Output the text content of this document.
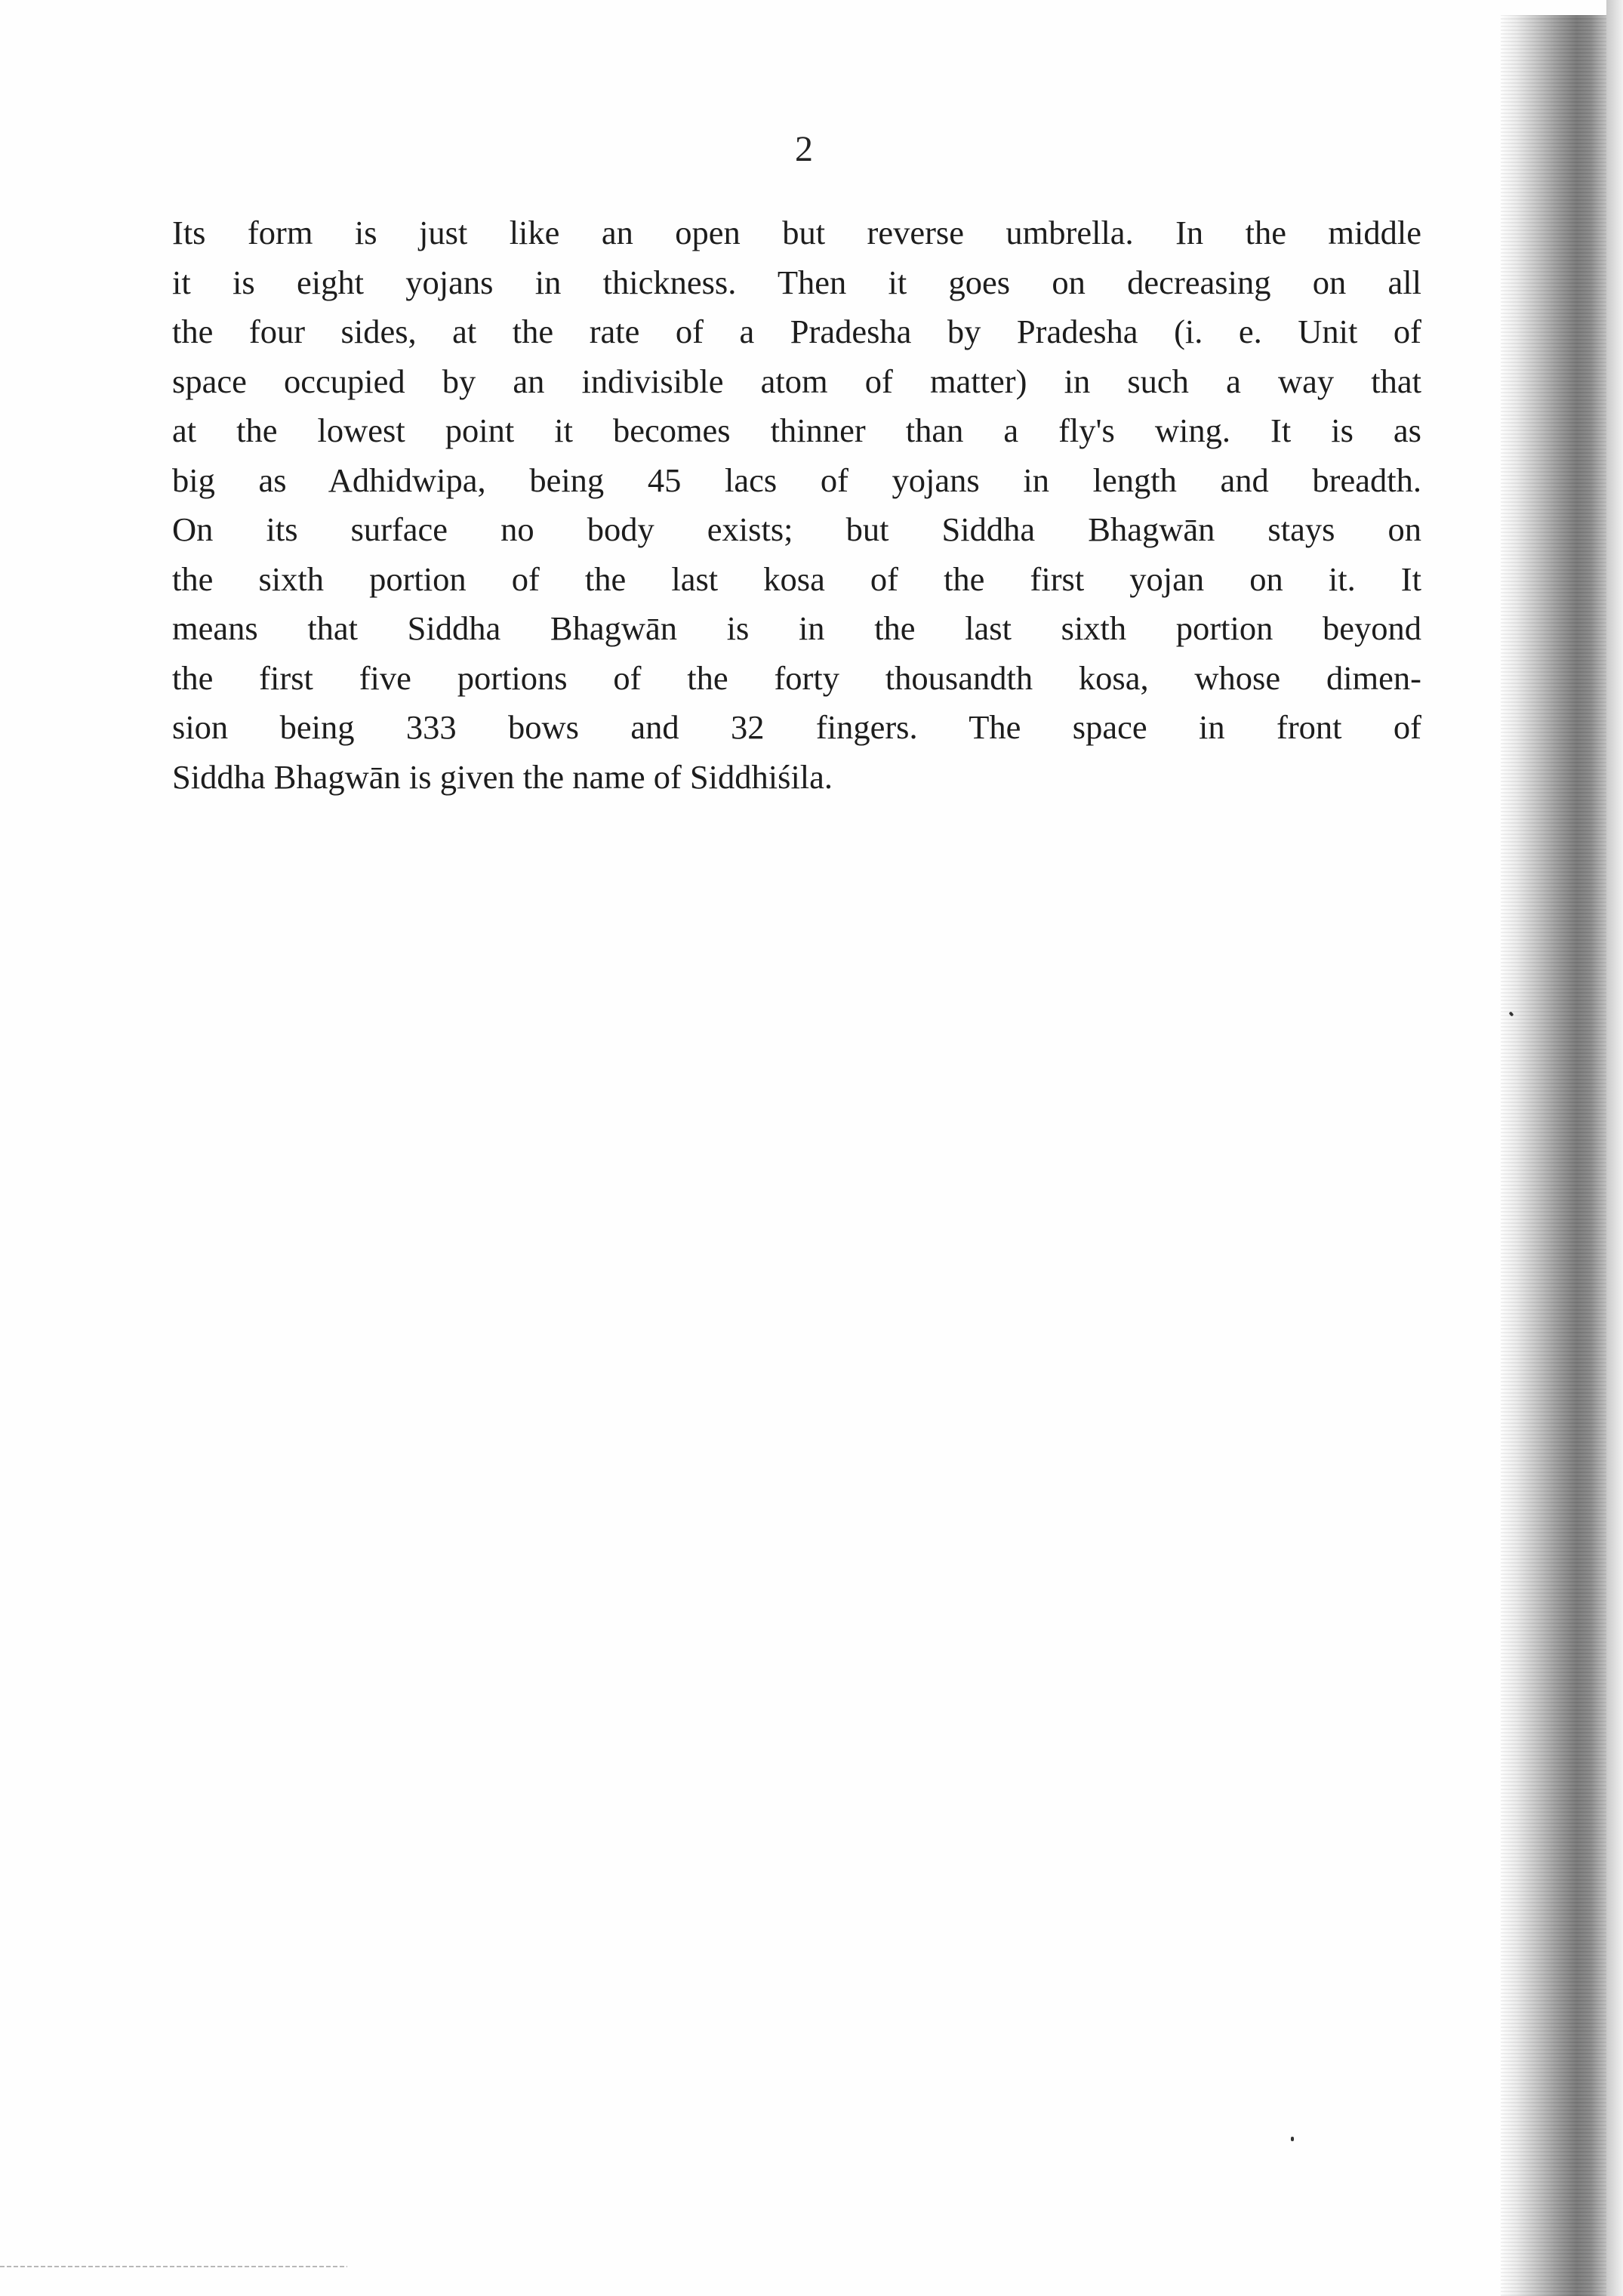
2
Its form is just like an open but reverse umbrella. In the middle
it is eight yojans in thickness. Then it goes on decreasing on all
the four sides, at the rate of a Pradesha by Pradesha (i. e. Unit of
space occupied by an indivisible atom of matter) in such a way that
at the lowest point it becomes thinner than a fly's wing. It is as
big as Adhidwipa, being 45 lacs of yojans in length and breadth.
On its surface no body exists; but Siddha Bhagwān stays on
the sixth portion of the last kosa of the first yojan on it. It
means that Siddha Bhagwān is in the last sixth portion beyond
the first five portions of the forty thousandth kosa, whose dimen-
sion being 333 bows and 32 fingers. The space in front of
Siddha Bhagwān is given the name of Siddhiśila.
